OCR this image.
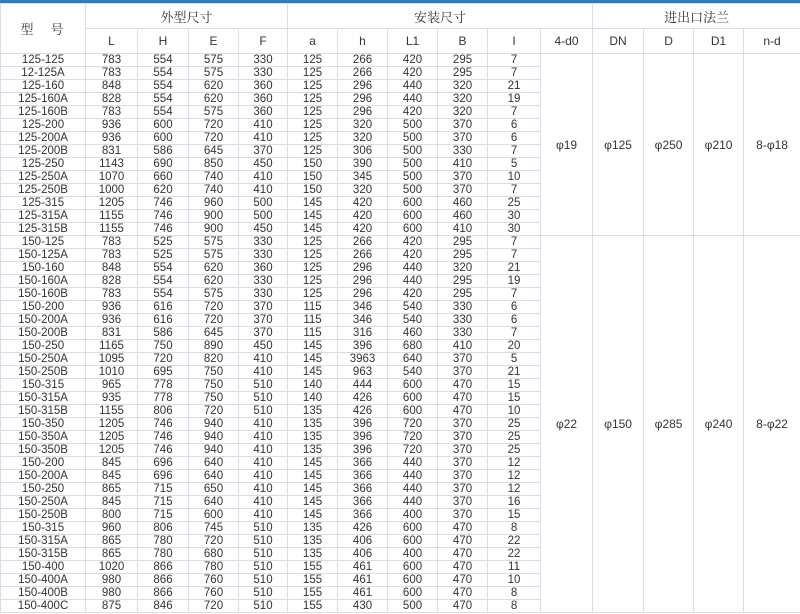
型　号	外型尺寸				安装尺寸						进出口法兰			
	L	H	E	F	a	h	L1	B	I	4-d0	DN	D	D1	n-d
125-125	783	554	575	330	125	266	420	295	7	φ19	φ125	φ250	φ210	8-φ18
12-125A	783	554	575	330	125	266	420	295	7					
125-160	848	554	620	360	125	296	440	320	21					
125-160A	828	554	620	360	125	296	440	320	19					
125-160B	783	554	575	360	125	296	420	320	7					
125-200	936	600	720	410	125	320	500	370	6					
125-200A	936	600	720	410	125	320	500	370	6					
125-200B	831	586	645	370	125	306	500	330	7					
125-250	1143	690	850	450	150	390	500	410	5					
125-250A	1070	660	740	410	150	345	500	370	10					
125-250B	1000	620	740	410	150	320	500	370	7					
125-315	1205	746	960	500	145	420	600	460	25					
125-315A	1155	746	900	500	145	420	600	460	30					
125-315B	1155	746	900	450	145	420	600	410	30					
150-125	783	525	575	330	125	266	420	295	7	φ22	φ150	φ285	φ240	8-φ22
150-125A	783	525	575	330	125	266	420	295	7					
150-160	848	554	620	360	125	296	440	320	21					
150-160A	828	554	620	330	125	296	440	295	19					
150-160B	783	554	575	330	125	296	420	295	7					
150-200	936	616	720	370	115	346	540	330	6					
150-200A	936	616	720	370	115	346	540	330	6					
150-200B	831	586	645	370	115	316	460	330	7					
150-250	1165	750	890	450	145	396	680	410	20					
150-250A	1095	720	820	410	145	3963	640	370	5					
150-250B	1010	695	750	410	145	963	540	370	21					
150-315	965	778	750	510	140	444	600	470	15					
150-315A	935	778	750	510	140	426	600	470	15					
150-315B	1155	806	720	510	135	426	600	470	10					
150-350	1205	746	940	410	135	396	720	370	25					
150-350A	1205	746	940	410	135	396	720	370	25					
150-350B	1205	746	940	410	135	396	720	370	25					
150-200	845	696	640	410	145	366	440	370	12					
150-200A	845	696	640	410	145	366	440	370	12					
150-250	865	715	650	410	145	366	440	370	12					
150-250A	845	715	640	410	145	366	440	370	16					
150-250B	800	715	600	410	145	366	400	370	15					
150-315	960	806	745	510	135	426	600	470	8					
150-315A	865	780	720	510	135	406	600	470	22					
150-315B	865	780	680	510	135	406	400	470	22					
150-400	1020	866	780	510	155	461	600	470	11					
150-400A	980	866	760	510	155	461	600	470	10					
150-400B	980	866	760	510	155	461	600	470	8					
150-400C	875	846	720	510	155	430	500	470	8					
